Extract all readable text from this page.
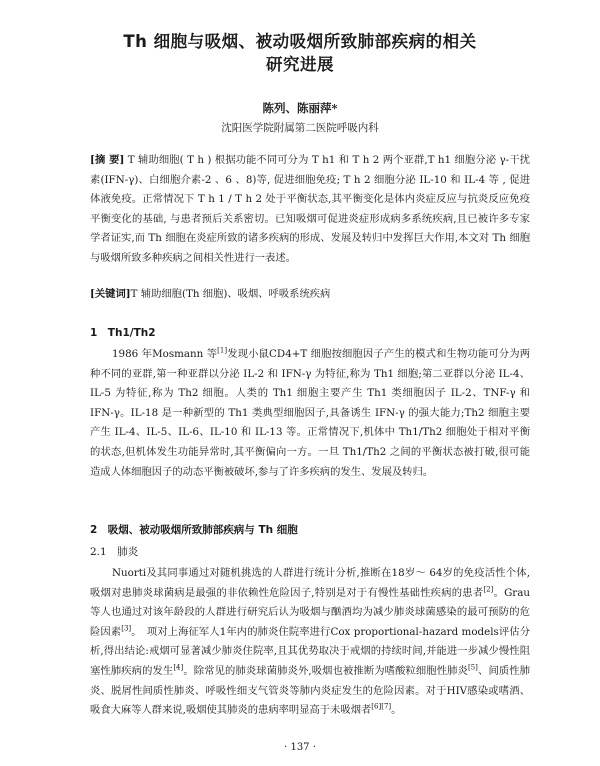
Th 细胞与吸烟、被动吸烟所致肺部疾病的相关
研究进展
陈列、陈丽萍*
沈阳医学院附属第二医院呼吸内科

[摘 要] T 辅助细胞( T h ) 根据功能不同可分为 T h1 和 T h 2 两个亚群,T h1 细胞分泌 γ-干扰素(IFN-γ)、白细胞介素-2 、6 、8)等, 促进细胞免疫; T h 2 细胞分泌 IL-10 和 IL-4 等 , 促进体液免疫。正常情况下 T h 1 / T h 2 处于平衡状态,其平衡变化是体内炎症反应与抗炎反应免疫平衡变化的基础, 与患者预后关系密切。已知吸烟可促进炎症形成病多系统疾病,且已被许多专家学者证实,而 Th 细胞在炎症所致的诸多疾病的形成、发展及转归中发挥巨大作用,本文对 Th 细胞与吸烟所致多种疾病之间相关性进行一表述。

[关键词]T 辅助细胞(Th 细胞)、吸烟、呼吸系统疾病

1　Th1/Th2

1986 年Mosmann 等[1]发现小鼠CD4+T 细胞按细胞因子产生的模式和生物功能可分为两种不同的亚群,第一种亚群以分泌 IL-2 和 IFN-γ 为特征,称为 Th1 细胞;第二亚群以分泌 IL-4、IL-5 为特征,称为 Th2 细胞。人类的 Th1 细胞主要产生 Th1 类细胞因子 IL-2、TNF-γ 和 IFN-γ。IL-18 是一种新型的 Th1 类典型细胞因子,具备诱生 IFN-γ 的强大能力;Th2 细胞主要产生 IL-4、IL-5、IL-6、IL-10 和 IL-13 等。正常情况下,机体中 Th1/Th2 细胞处于相对平衡的状态,但机体发生功能异常时,其平衡偏向一方。一旦 Th1/Th2 之间的平衡状态被打破,很可能造成人体细胞因子的动态平衡被破坏,参与了许多疾病的发生、发展及转归。

2　吸烟、被动吸烟所致肺部疾病与 Th 细胞
2.1　肺炎

Nuorti及其同事通过对随机挑选的人群进行统计分析,推断在18岁～ 64岁的免疫活性个体,吸烟对患肺炎球菌病是最强的非依赖性危险因子,特别是对于有慢性基础性疾病的患者[2]。Grau 等人也通过对该年龄段的人群进行研究后认为吸烟与酗酒均为减少肺炎球菌感染的最可预防的危险因素[3]。　项对上海征军人1年内的肺炎住院率进行Cox proportional-hazard models评估分析,得出结论:戒烟可显著减少肺炎住院率,且其优势取决于戒烟的持续时间,并能进一步减少慢性阻塞性肺疾病的发生[4]。除常见的肺炎球菌肺炎外,吸烟也被推断为嗜酸粒细胞性肺炎[5]、间质性肺炎、脱屑性间质性肺炎、呼吸性细支气管炎等肺内炎症发生的危险因素。对于HIV感染或嗜酒、吸食大麻等人群来说,吸烟使其肺炎的患病率明显高于未吸烟者[6][7]。

· 137 ·
